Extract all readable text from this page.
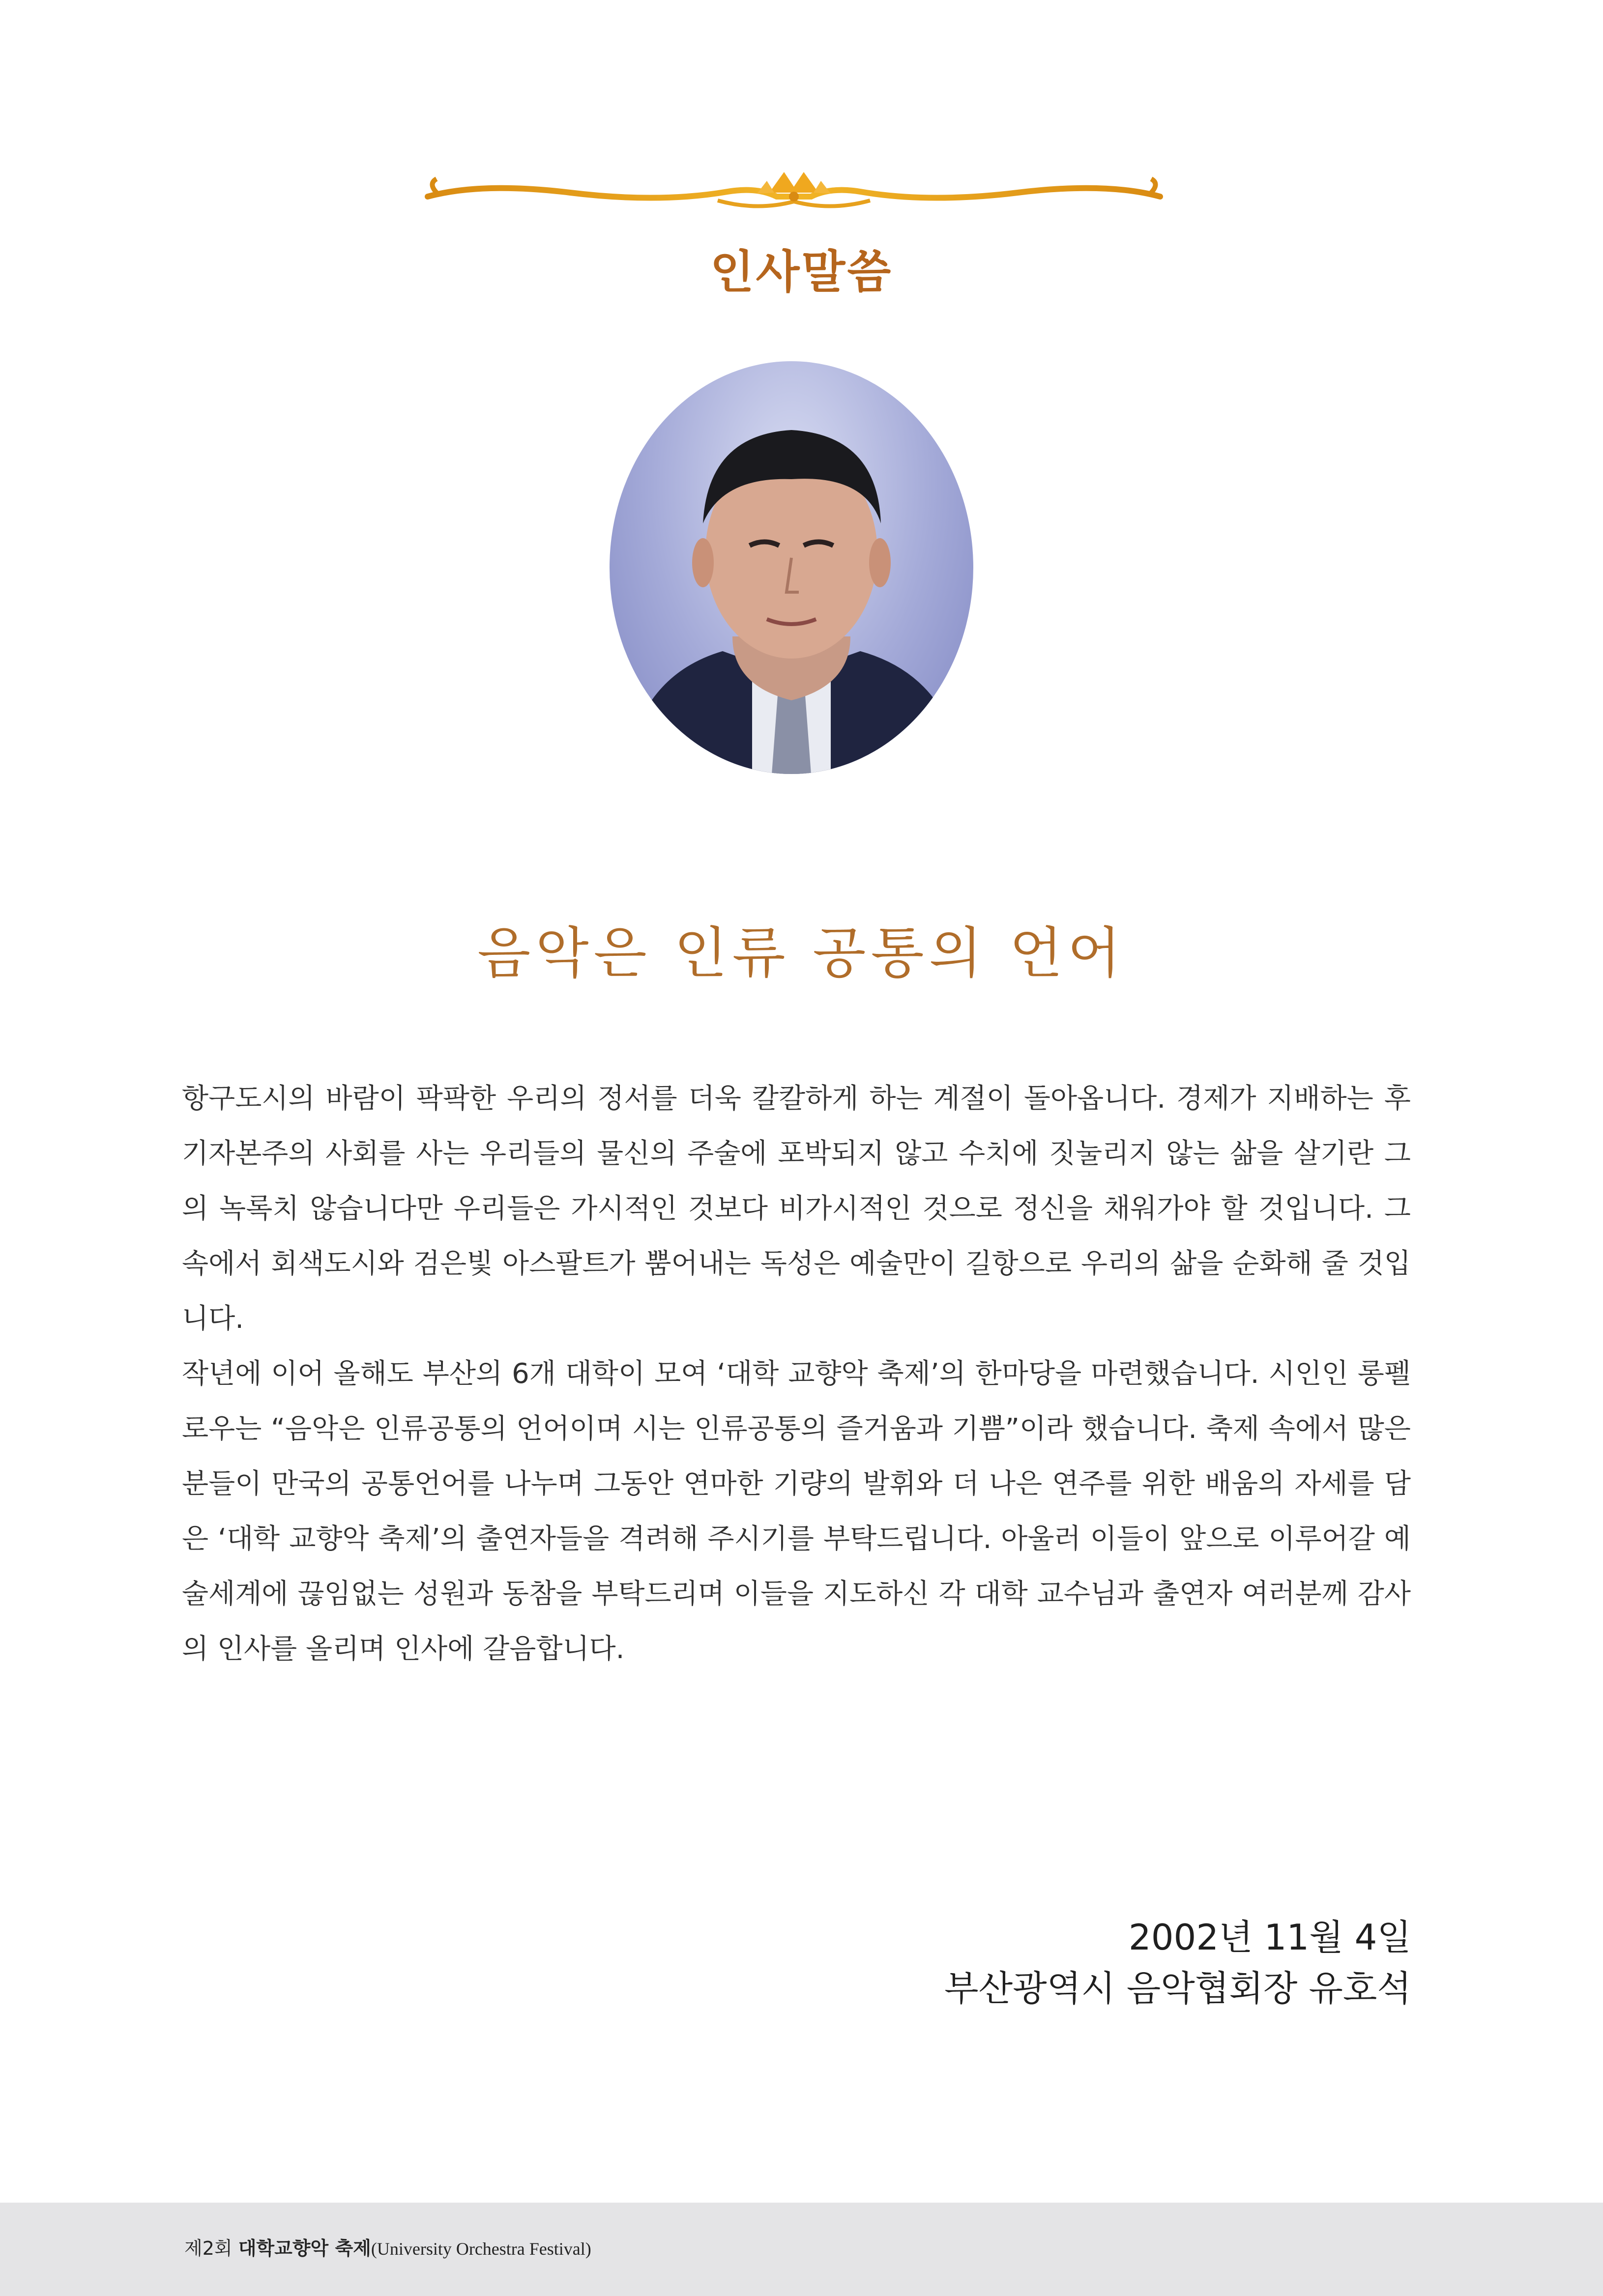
인사말씀
음악은 인류 공통의 언어

항구도시의 바람이 팍팍한 우리의 정서를 더욱 칼칼하게 하는 계절이 돌아옵니다. 경제가 지배하는 후기자본주의 사회를 사는 우리들의 물신의 주술에 포박되지 않고 수치에 짓눌리지 않는 삶을 살기란 그의 녹록치 않습니다만 우리들은 가시적인 것보다 비가시적인 것으로 정신을 채워가야 할 것입니다. 그속에서 회색도시와 검은빛 아스팔트가 뿜어내는 독성은 예술만이 길항으로 우리의 삶을 순화해 줄 것입니다.

작년에 이어 올해도 부산의 6개 대학이 모여 ‘대학 교향악 축제’의 한마당을 마련했습니다. 시인인 롱펠로우는 “음악은 인류공통의 언어이며 시는 인류공통의 즐거움과 기쁨”이라 했습니다. 축제 속에서 많은 분들이 만국의 공통언어를 나누며 그동안 연마한 기량의 발휘와 더 나은 연주를 위한 배움의 자세를 담은 ‘대학 교향악 축제’의 출연자들을 격려해 주시기를 부탁드립니다. 아울러 이들이 앞으로 이루어갈 예술세계에 끊임없는 성원과 동참을 부탁드리며 이들을 지도하신 각 대학 교수님과 출연자 여러분께 감사의 인사를 올리며 인사에 갈음합니다.

2002년 11월 4일
부산광역시 음악협회장 유호석
제2회 대학교향악 축제(University Orchestra Festival)
